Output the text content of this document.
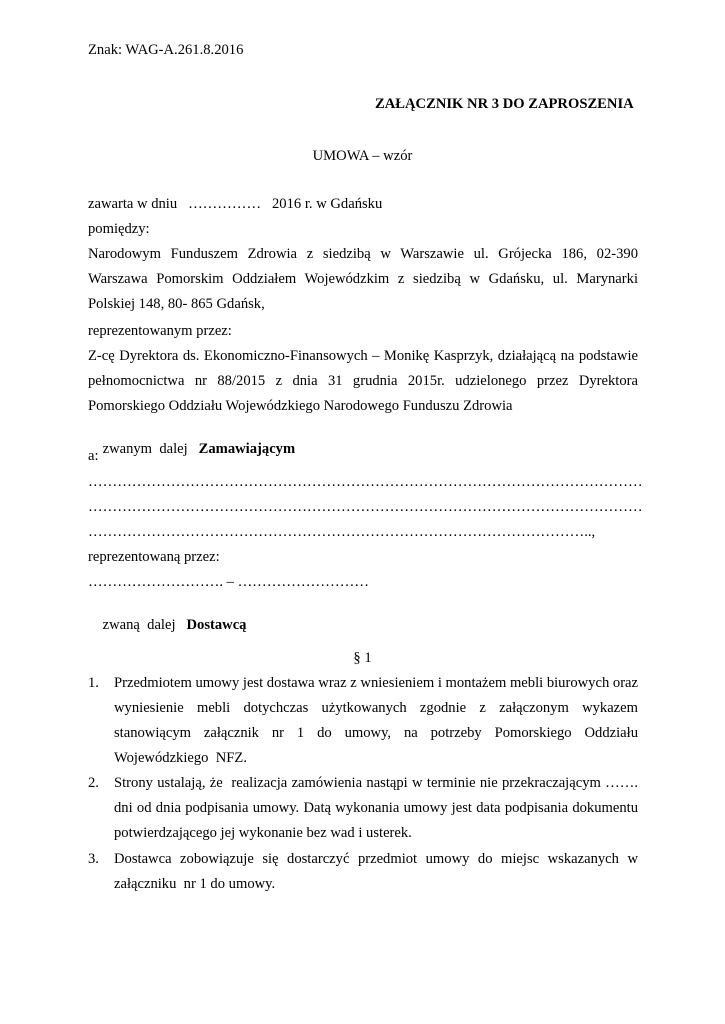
Znak: WAG-A.261.8.2016
ZAŁĄCZNIK NR 3 DO ZAPROSZENIA
UMOWA – wzór
zawarta w dniu   ……………   2016 r. w Gdańsku
pomiędzy:
Narodowym Funduszem Zdrowia z siedzibą w Warszawie ul. Grójecka 186, 02-390
Warszawa Pomorskim Oddziałem Wojewódzkim z siedzibą w Gdańsku, ul. Marynarki
Polskiej 148, 80- 865 Gdańsk,
reprezentowanym przez:
Z-cę Dyrektora ds. Ekonomiczno-Finansowych – Monikę Kasprzyk, działającą na podstawie
pełnomocnictwa nr 88/2015 z dnia 31 grudnia 2015r. udzielonego przez Dyrektora
Pomorskiego Oddziału Wojewódzkiego Narodowego Funduszu Zdrowia

zwanym  dalej Zamawiającym

a:
……………………………………………………………………………………………………
……………………………………………………………………………………………………
…………………………………………………………………………………………..,
reprezentowaną przez:
………………………. – ………………………

zwaną  dalej Dostawcą

§ 1
1. Przedmiotem umowy jest dostawa wraz z wniesieniem i montażem mebli biurowych oraz
wyniesienie mebli dotychczas użytkowanych zgodnie z załączonym wykazem
stanowiącym załącznik nr 1 do umowy, na potrzeby Pomorskiego Oddziału
Wojewódzkiego  NFZ.
2. Strony ustalają, że  realizacja zamówienia nastąpi w terminie nie przekraczającym …….
dni od dnia podpisania umowy. Datą wykonania umowy jest data podpisania dokumentu
potwierdzającego jej wykonanie bez wad i usterek.
3. Dostawca zobowiązuje się dostarczyć przedmiot umowy do miejsc wskazanych w
załączniku  nr 1 do umowy.
